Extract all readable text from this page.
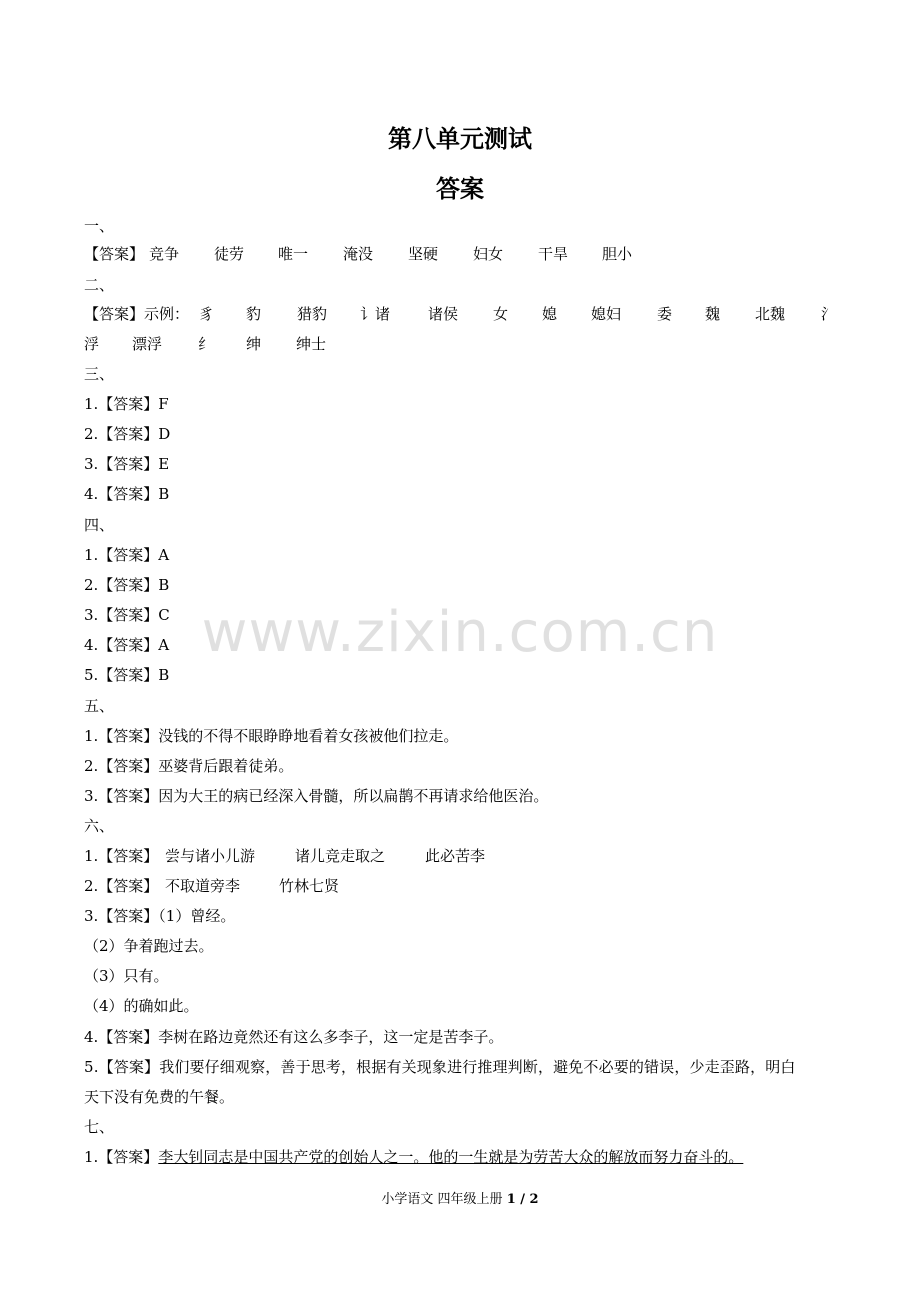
第八单元测试
答案
一、
【答案】 竞争 徒劳 唯一 淹没 坚硬 妇女 干旱 胆小
二、
【答案】示例： 豸 豹 猎豹 讠诸	诸侯 女 媳 媳妇 委 魏 北魏 氵
浮 漂浮 纟 绅 绅士
三、
1.【答案】F
2.【答案】D
3.【答案】E
4.【答案】B
四、
1.【答案】A
2.【答案】B
3.【答案】C
4.【答案】A
5.【答案】B
www.zixin.com.cn
五、
1.【答案】没钱的不得不眼睁睁地看着女孩被他们拉走。
2.【答案】巫婆背后跟着徒弟。
3.【答案】因为大王的病已经深入骨髓，所以扁鹊不再请求给他医治。
六、
1.【答案】 尝与诸小儿游	诸儿竞走取之	此必苦李
2.【答案】 不取道旁李	竹林七贤
3.【答案】（1）曾经。
（2）争着跑过去。
（3）只有。
（4）的确如此。
4.【答案】李树在路边竟然还有这么多李子，这一定是苦李子。
5.【答案】我们要仔细观察，善于思考，根据有关现象进行推理判断，避免不必要的错误，少走歪路，明白
天下没有免费的午餐。
七、
1.【答案】李大钊同志是中国共产党的创始人之一。他的一生就是为劳苦大众的解放而努力奋斗的。
小学语文 四年级上册 1 / 2
